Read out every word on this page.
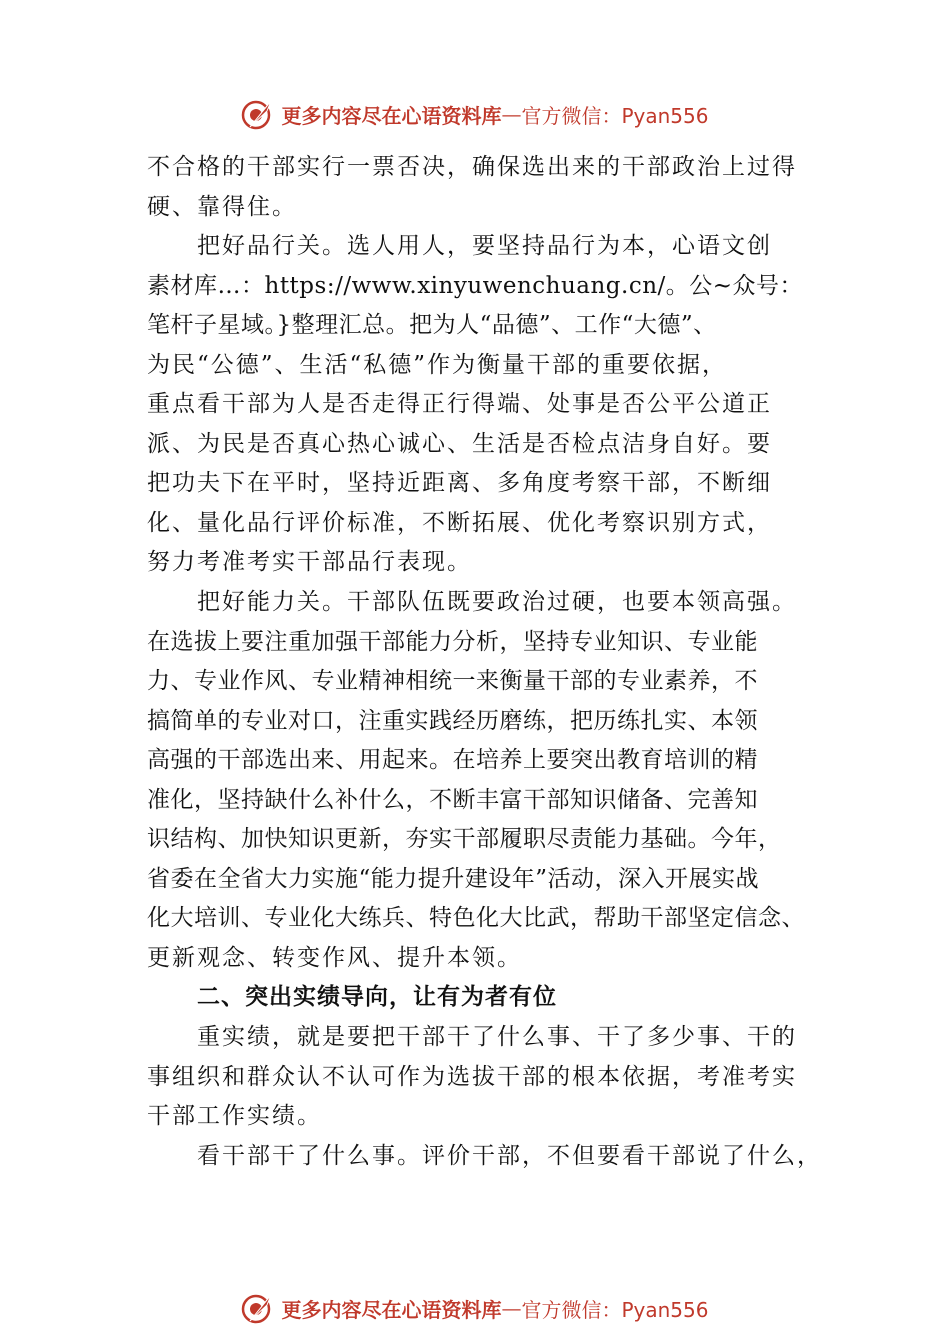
更多内容尽在心语资料库 — 官方微信：Pyan556
不合格的干部实行一票否决，确保选出来的干部政治上过得
硬、靠得住。
把好品行关。选人用人，要坚持品行为本，心语文创
素材库…：https://www.xinyuwenchuang.cn/。公~众号：
笔杆子星域。}整理汇总。把为人“品德”、工作“大德”、
为民“公德”、生活“私德”作为衡量干部的重要依据，
重点看干部为人是否走得正行得端、处事是否公平公道正
派、为民是否真心热心诚心、生活是否检点洁身自好。要
把功夫下在平时，坚持近距离、多角度考察干部，不断细
化、量化品行评价标准，不断拓展、优化考察识别方式，
努力考准考实干部品行表现。
把好能力关。干部队伍既要政治过硬，也要本领高强。
在选拔上要注重加强干部能力分析，坚持专业知识、专业能
力、专业作风、专业精神相统一来衡量干部的专业素养，不
搞简单的专业对口，注重实践经历磨练，把历练扎实、本领
高强的干部选出来、用起来。在培养上要突出教育培训的精
准化，坚持缺什么补什么，不断丰富干部知识储备、完善知
识结构、加快知识更新，夯实干部履职尽责能力基础。今年，
省委在全省大力实施“能力提升建设年”活动，深入开展实战
化大培训、专业化大练兵、特色化大比武，帮助干部坚定信念、
更新观念、转变作风、提升本领。
二、突出实绩导向，让有为者有位
重实绩，就是要把干部干了什么事、干了多少事、干的
事组织和群众认不认可作为选拔干部的根本依据，考准考实
干部工作实绩。
看干部干了什么事。评价干部，不但要看干部说了什么，
更多内容尽在心语资料库 — 官方微信：Pyan556
